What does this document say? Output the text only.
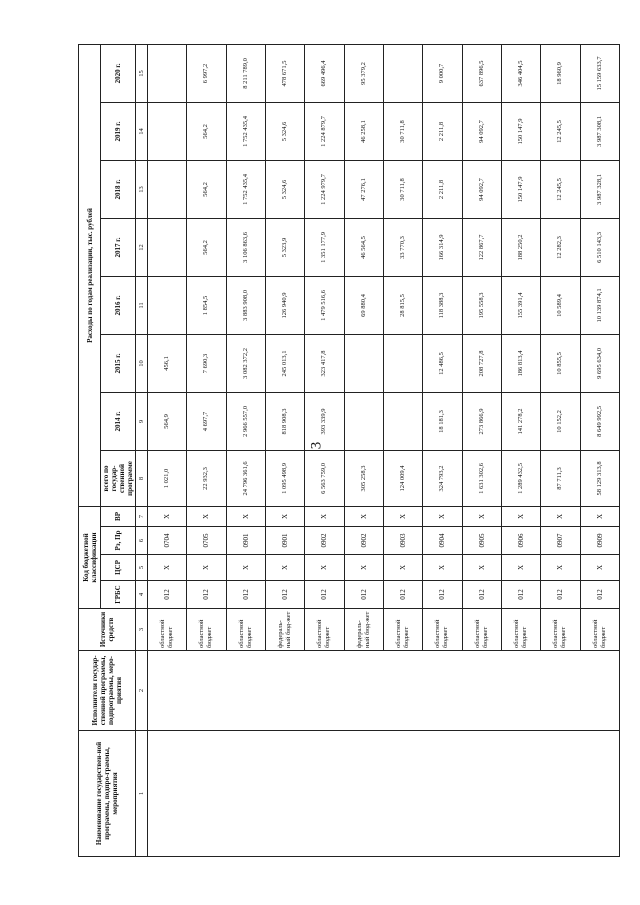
3
Наименование государствен-ной программы, подпро-граммы, мероприятия	Исполнители государ-ственной программы, подпрограммы, меро-приятия	Источники средств	Код бюджетной классификации				Расходы по годам реализации, тыс. рублей							
			ГРБС	ЦСР	Рз, Пр	ВР	всего по государ-ственной программе	2014 г.	2015 г.	2016 г.	2017 г.	2018 г.	2019 г.	2020 г.

1	2	3	4	5	6	7	8	9	10	11	12	13	14	15
		областной бюджет	012	Х	0704	Х	1 021,0	564,9	456,1					
		областной бюджет	012	Х	0705	Х	22 932,3	4 697,7	7 690,3	1 854,5	564,2	564,2	564,2	6 997,2
		областной бюджет	012	Х	0901	Х	24 796 361,6	2 966 557,0	3 082 372,2	3 883 908,0	3 106 863,6	1 752 435,4	1 752 435,4	8 211 789,0
		федераль-ный бюд-жет	012	Х	0901	Х	1 095 498,9	818 908,3	245 013,1	126 940,9	5 323,9	5 324,6	5 324,6	478 671,5
		областной бюджет	012	Х	0902	Х	6 563 759,0	393 339,9	323 417,8	1 479 516,6	1 351 177,9	1 224 979,7	1 224 879,7	669 496,4
		федераль-ный бюд-жет	012	Х	0902	Х	305 258,3			69 880,4	46 564,5	47 276,1	46 258,1	95 379,2
		областной бюджет	012	Х	0903	Х	124 009,4			28 815,5	33 770,3	30 711,8	30 711,8	
		областной бюджет	012	Х	0904	Х	324 793,2	18 181,3	12 486,5	118 388,3	166 314,9	2 211,8	2 211,8	9 000,7
		областной бюджет	012	Х	0905	Х	1 631 302,6	273 866,9	208 727,8	195 558,3	122 867,7	94 092,7	94 092,7	637 896,5
		областной бюджет	012	Х	0906	Х	1 289 432,5	141 278,2	186 813,4	155 391,4	188 250,2	150 147,9	150 147,9	346 404,5
		областной бюджет	012	Х	0907	Х	87 711,3	10 152,2	10 855,5	10 589,4	12 282,3	12 245,5	12 245,5	18 960,9
		областной бюджет	012	Х	0909	Х	58 129 313,8	8 649 992,5	9 695 634,0	10 139 874,1	6 510 143,3	3 987 328,1	3 987 308,1	15 159 633,7
